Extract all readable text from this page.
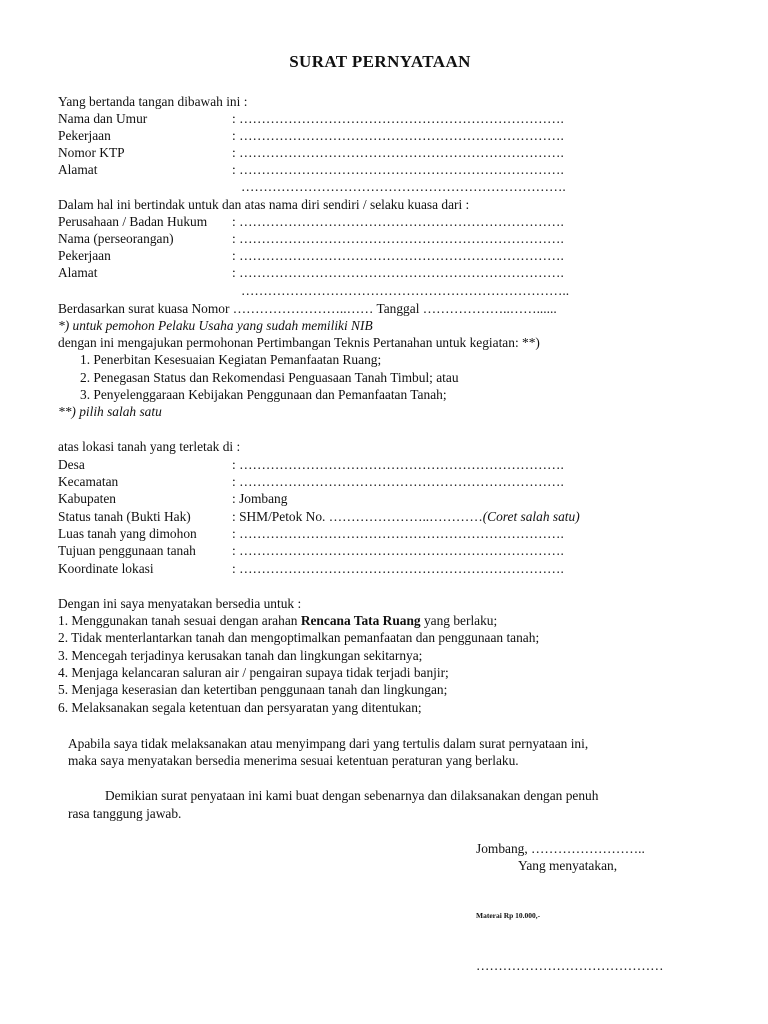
SURAT PERNYATAAN
Yang bertanda tangan dibawah ini :
Nama dan Umur	: ……………………………………………………………….
Pekerjaan	: ……………………………………………………………….
Nomor KTP	: ……………………………………………………………….
Alamat	: ……………………………………………………………….
……………………………………………………………….
Dalam hal ini bertindak untuk dan atas nama diri sendiri / selaku kuasa dari :
Perusahaan / Badan Hukum : ……………………………………………………………….
Nama (perseorangan)	: ……………………………………………………………….
Pekerjaan	: ……………………………………………………………….
Alamat	: ……………………………………………………………….
………………………………………………………………..
Berdasarkan surat kuasa Nomor ……………………..…… Tanggal ………………..……......
*) untuk pemohon Pelaku Usaha yang sudah memiliki NIB
dengan ini mengajukan permohonan Pertimbangan Teknis Pertanahan untuk kegiatan: **)
1. Penerbitan Kesesuaian Kegiatan Pemanfaatan Ruang;
2. Penegasan Status dan Rekomendasi Penguasaan Tanah Timbul; atau
3. Penyelenggaraan Kebijakan Penggunaan dan Pemanfaatan Tanah;
**) pilih salah satu
atas lokasi tanah yang terletak di :
Desa	: ……………………………………………………………….
Kecamatan	: ……………………………………………………………….
Kabupaten	: Jombang
Status tanah (Bukti Hak)	: SHM/Petok No. …………………..…………(Coret salah satu)
Luas tanah yang dimohon	: ……………………………………………………………….
Tujuan penggunaan tanah	: ……………………………………………………………….
Koordinate lokasi	: ……………………………………………………………….
Dengan ini saya menyatakan bersedia untuk :
1. Menggunakan tanah sesuai dengan arahan Rencana Tata Ruang yang berlaku;
2. Tidak menterlantarkan tanah dan mengoptimalkan pemanfaatan dan penggunaan tanah;
3. Mencegah terjadinya kerusakan tanah dan lingkungan sekitarnya;
4. Menjaga kelancaran saluran air / pengairan supaya tidak terjadi banjir;
5. Menjaga keserasian dan ketertiban penggunaan tanah dan lingkungan;
6. Melaksanakan segala ketentuan dan persyaratan yang ditentukan;
Apabila saya tidak melaksanakan atau menyimpang dari yang tertulis dalam surat pernyataan ini,
maka saya menyatakan bersedia menerima sesuai ketentuan peraturan yang berlaku.
Demikian surat penyataan ini kami buat dengan sebenarnya dan dilaksanakan dengan penuh
rasa tanggung jawab.
Jombang, ……………………..
Yang menyatakan,
Materai Rp 10.000,-
……………………………………
